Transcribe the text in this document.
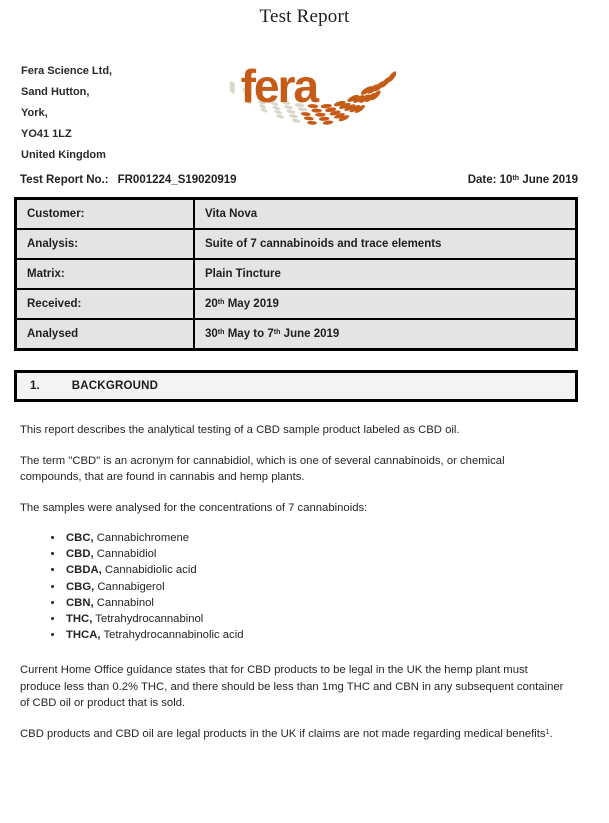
Test Report
Fera Science Ltd,
Sand Hutton,
York,
YO41 1LZ
United Kingdom
fera
Test Report No.: FR001224_S19020919	Date: 10th June 2019
Customer:	Vita Nova
Analysis:	Suite of 7 cannabinoids and trace elements
Matrix:	Plain Tincture
Received:	20th May 2019
Analysed	30th May to 7th June 2019
1.	BACKGROUND

This report describes the analytical testing of a CBD sample product labeled as CBD oil.

The term "CBD" is an acronym for cannabidiol, which is one of several cannabinoids, or chemical compounds, that are found in cannabis and hemp plants.

The samples were analysed for the concentrations of 7 cannabinoids:

• CBC, Cannabichromene
• CBD, Cannabidiol
• CBDA, Cannabidiolic acid
• CBG, Cannabigerol
• CBN, Cannabinol
• THC, Tetrahydrocannabinol
• THCA, Tetrahydrocannabinolic acid

Current Home Office guidance states that for CBD products to be legal in the UK the hemp plant must produce less than 0.2% THC, and there should be less than 1mg THC and CBN in any subsequent container of CBD oil or product that is sold.

CBD products and CBD oil are legal products in the UK if claims are not made regarding medical benefits$^1$.
